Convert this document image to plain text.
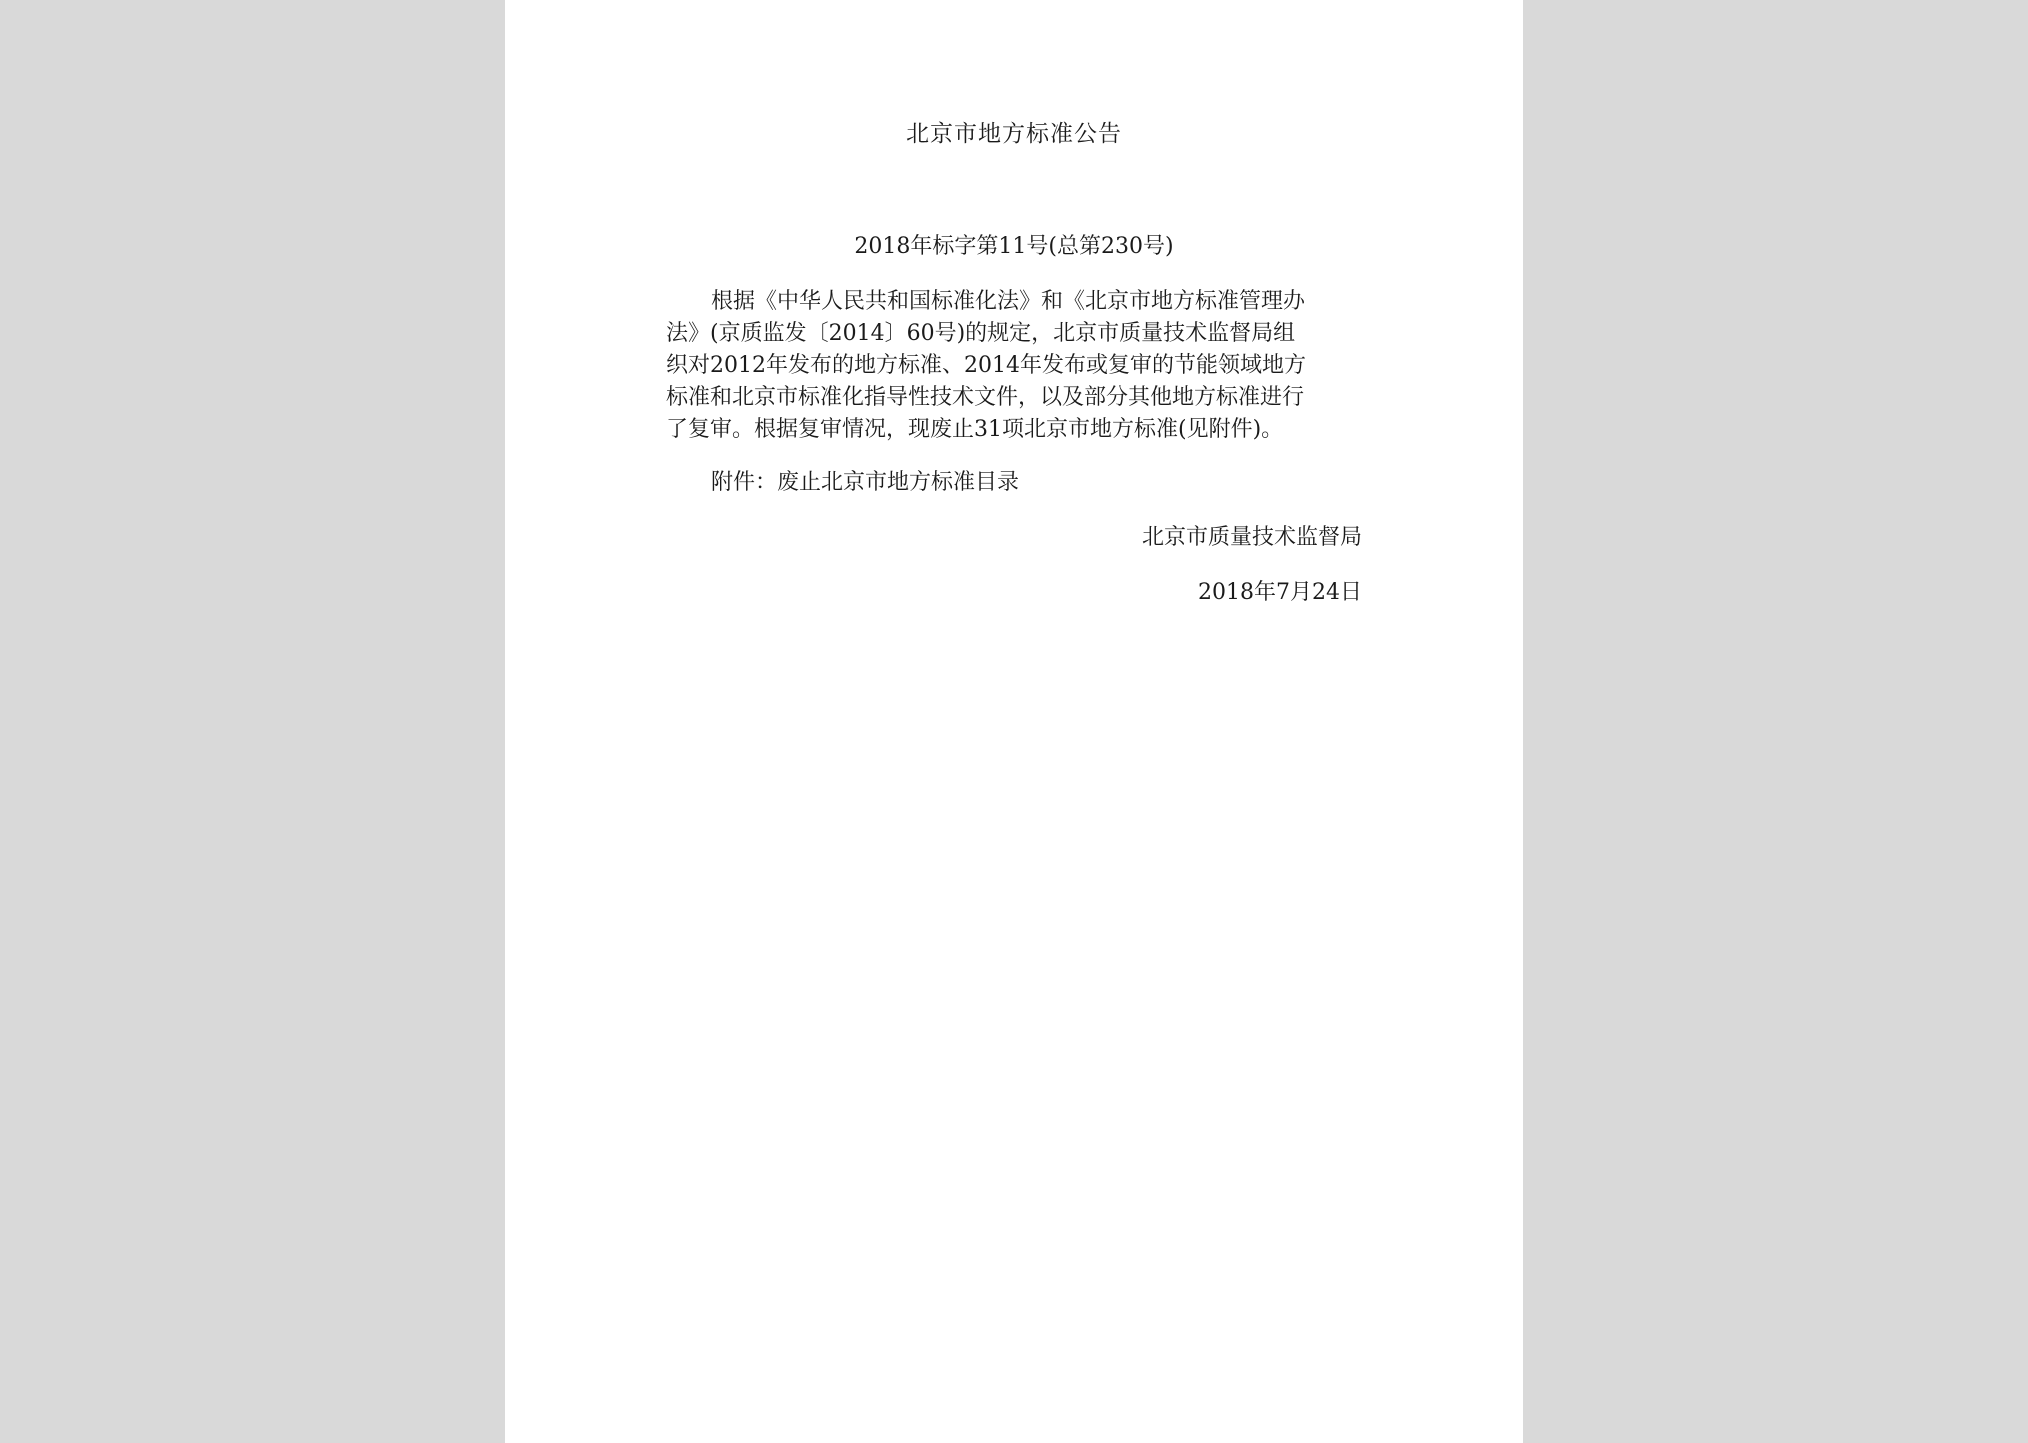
北京市地方标准公告
2018年标字第11号(总第230号)
根据《中华人民共和国标准化法》和《北京市地方标准管理办
法》(京质监发〔2014〕60号)的规定，北京市质量技术监督局组
织对2012年发布的地方标准、2014年发布或复审的节能领域地方
标准和北京市标准化指导性技术文件，以及部分其他地方标准进行
了复审。根据复审情况，现废止31项北京市地方标准(见附件)。
附件：废止北京市地方标准目录
北京市质量技术监督局
2018年7月24日
